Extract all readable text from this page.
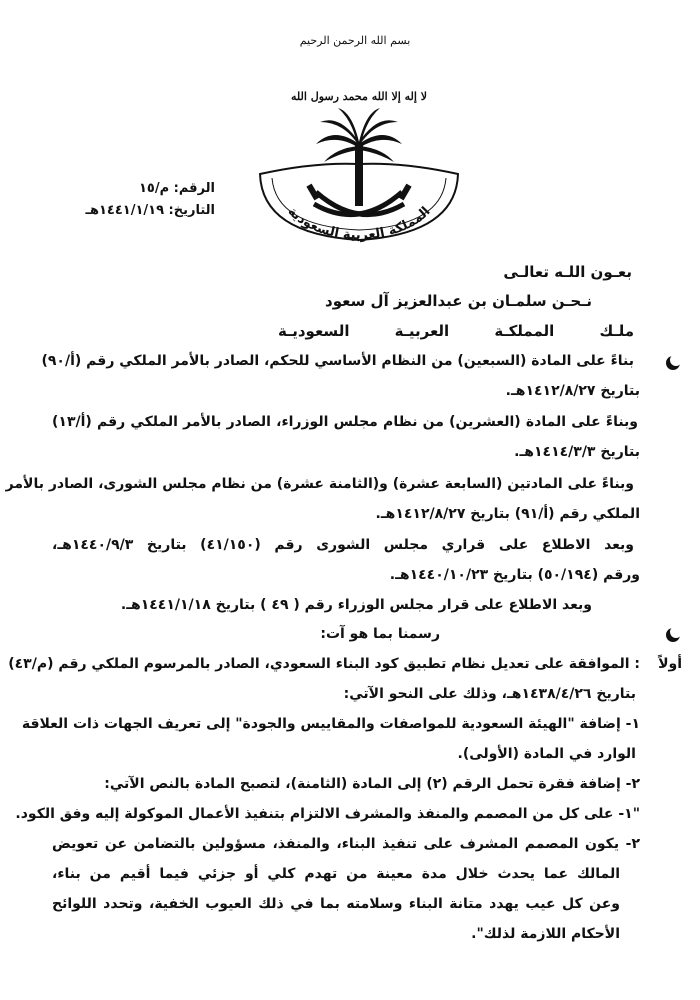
بسم الله الرحمن الرحيم
لا إله إلا الله محمد رسول الله
المملكة العربية السعودية
الرقم: م/١٥
التاريخ: ١٤٤١/١/١٩هـ
بعـون اللـه تعالـى
نـحـن سلمـان بن عبدالعزيز آل سعود
ملـك المملكـة العربيـة السعوديـة
بناءً على المادة (السبعين) من النظام الأساسي للحكم، الصادر بالأمر الملكي رقم (أ/٩٠)
بتاريخ ١٤١٢/٨/٢٧هـ.
وبناءً على المادة (العشرين) من نظام مجلس الوزراء، الصادر بالأمر الملكي رقم (أ/١٣)
بتاريخ ١٤١٤/٣/٣هـ.
وبناءً على المادتين (السابعة عشرة) و(الثامنة عشرة) من نظام مجلس الشورى، الصادر بالأمر
الملكي رقم (أ/٩١) بتاريخ ١٤١٢/٨/٢٧هـ.
وبعد الاطلاع على قراري مجلس الشورى رقم (٤١/١٥٠) بتاريخ ١٤٤٠/٩/٣هـ،
ورقم (٥٠/١٩٤) بتاريخ ١٤٤٠/١٠/٢٣هـ.
وبعد الاطلاع على قرار مجلس الوزراء رقم ( ٤٩ ) بتاريخ ١٤٤١/١/١٨هـ.
رسمنا بما هو آت:
أولاً
: الموافقة على تعديل نظام تطبيق كود البناء السعودي، الصادر بالمرسوم الملكي رقم (م/٤٣)
بتاريخ ١٤٣٨/٤/٢٦هـ، وذلك على النحو الآتي:
١- إضافة "الهيئة السعودية للمواصفات والمقاييس والجودة" إلى تعريف الجهات ذات العلاقة
الوارد في المادة (الأولى).
٢- إضافة فقرة تحمل الرقم (٢) إلى المادة (الثامنة)، لتصبح المادة بالنص الآتي:
"١- على كل من المصمم والمنفذ والمشرف الالتزام بتنفيذ الأعمال الموكولة إليه وفق الكود.
٢- يكون المصمم المشرف على تنفيذ البناء، والمنفذ، مسؤولين بالتضامن عن تعويض
المالك عما يحدث خلال مدة معينة من تهدم كلي أو جزئي فيما أقيم من بناء،
وعن كل عيب يهدد متانة البناء وسلامته بما في ذلك العيوب الخفية، وتحدد اللوائح
الأحكام اللازمة لذلك".
